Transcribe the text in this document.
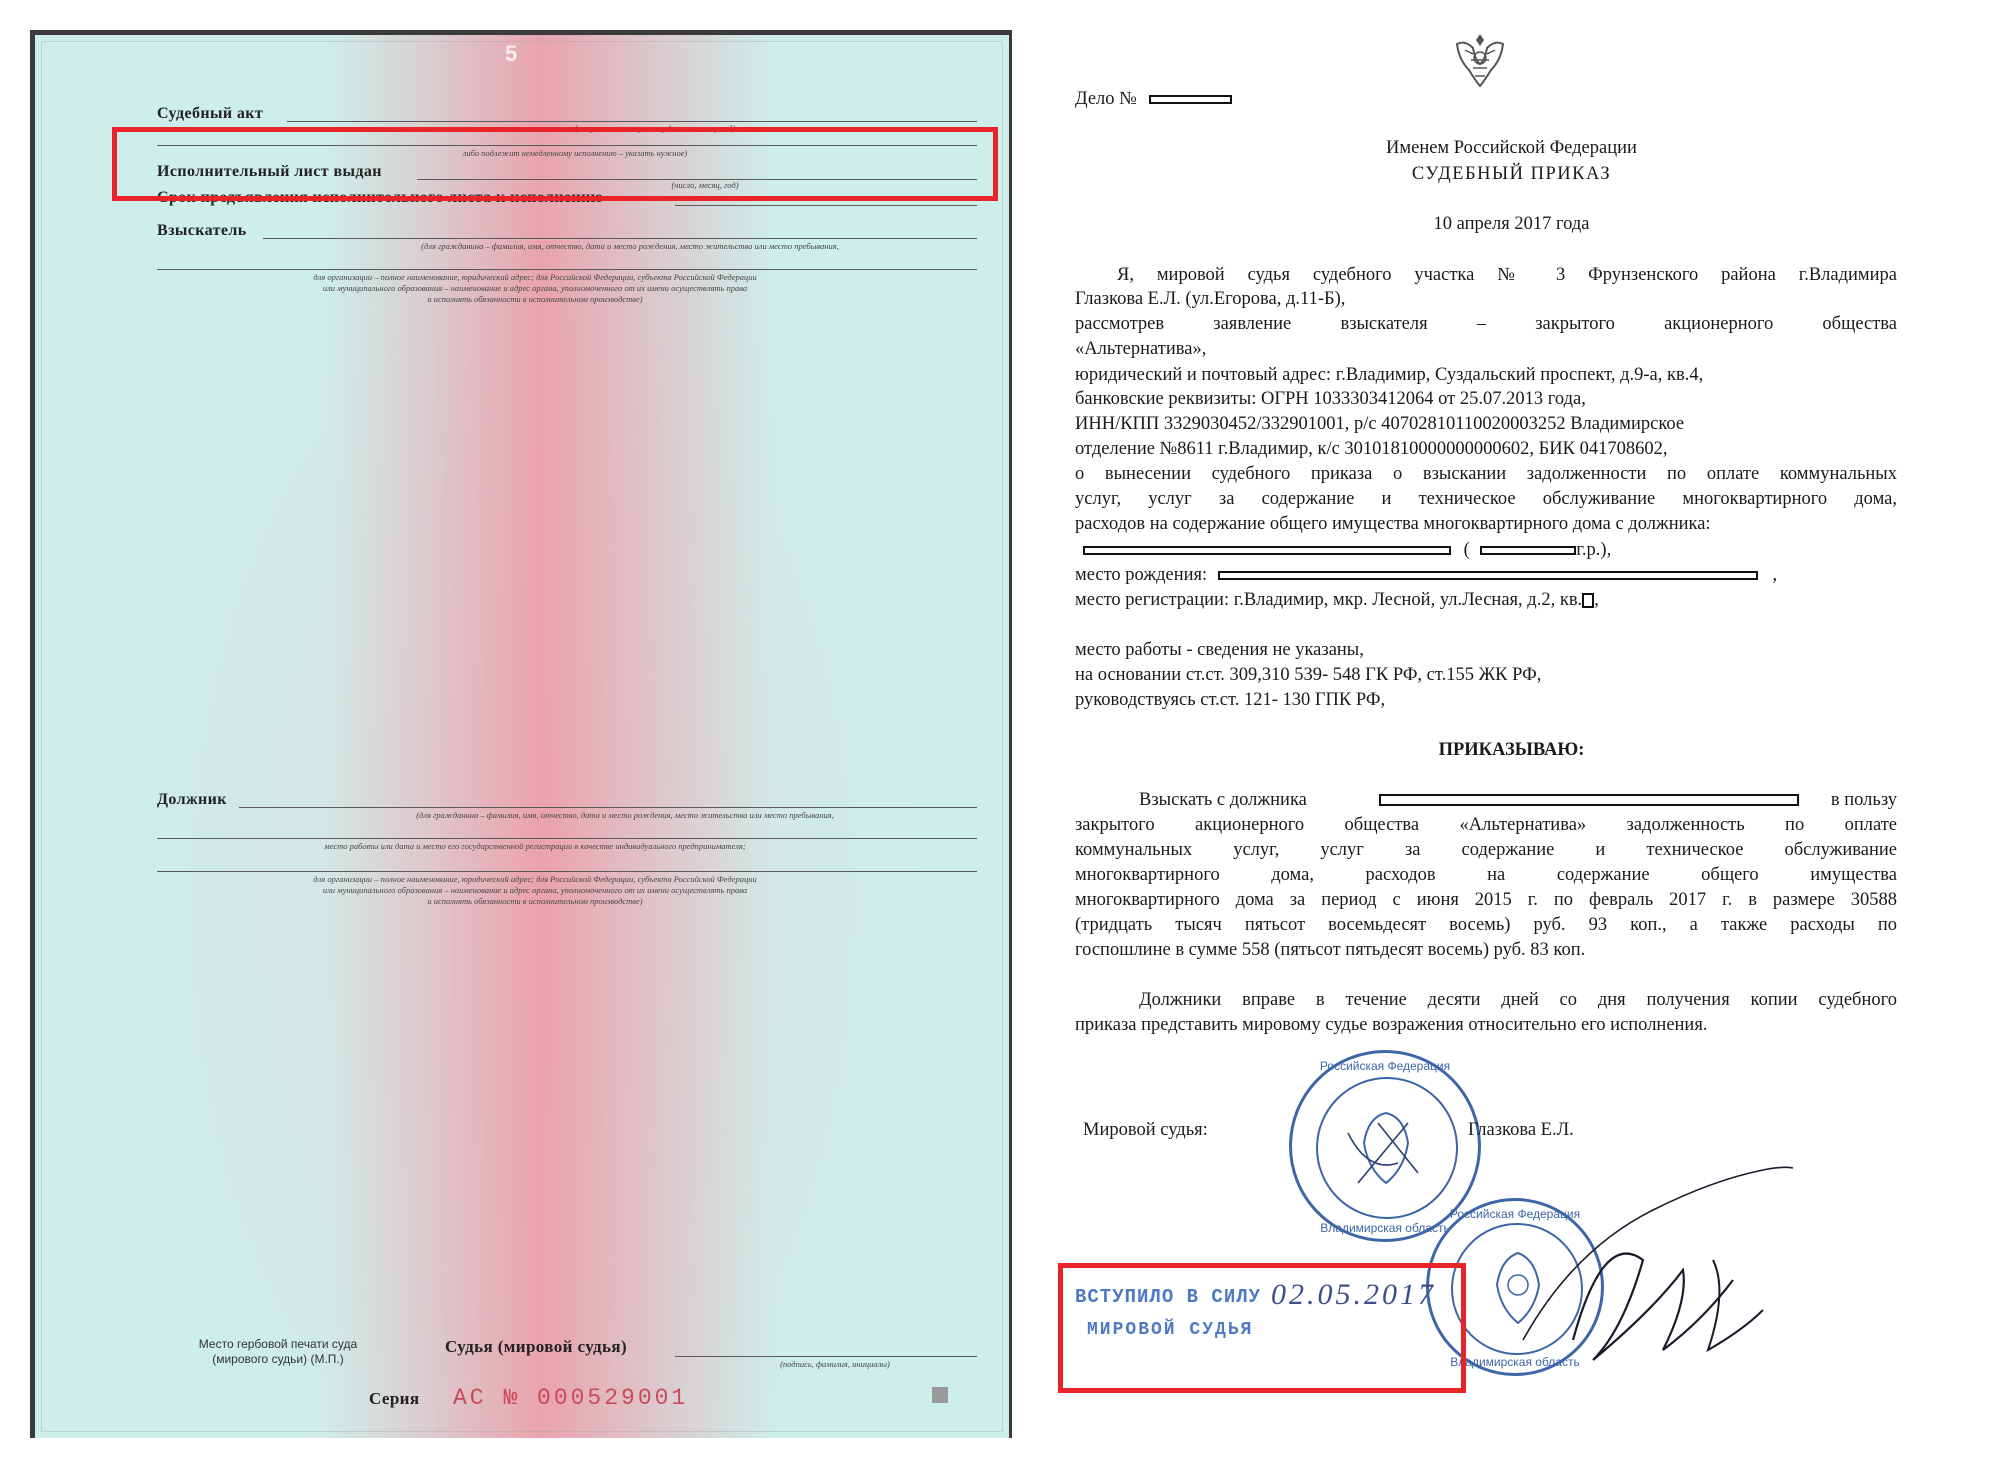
5
Судебный акт
(вступил в законную силу (число, месяц, год)
либо подлежит немедленному исполнению – указать нужное)
Исполнительный лист выдан
(число, месяц, год)
Срок предъявления исполнительного листа к исполнению
Взыскатель
(для гражданина – фамилия, имя, отчество, дата и место рождения, место жительства или место пребывания,
для организации – полное наименование, юридический адрес; для Российской Федерации, субъекта Российской Федерации
или муниципального образования – наименование и адрес органа, уполномоченного от их имени осуществлять права
и исполнять обязанности в исполнительном производстве)
Должник
(для гражданина – фамилия, имя, отчество, дата и место рождения, место жительства или место пребывания,
место работы или дата и место его государственной регистрации в качестве индивидуального предпринимателя;
для организации – полное наименование, юридический адрес; для Российской Федерации, субъекта Российской Федерации
или муниципального образования – наименование и адрес органа, уполномоченного от их имени осуществлять права
и исполнять обязанности в исполнительном производстве)
Место гербовой печати суда
(мирового судьи) (М.П.)
Судья (мировой судья)
(подпись, фамилия, инициалы)
Серия АС № 000529001
Дело №
Именем Российской Федерации
СУДЕБНЫЙ ПРИКАЗ
10 апреля 2017 года
Я, мировой судья судебного участка № 3 Фрунзенского района г.Владимира
Глазкова Е.Л. (ул.Егорова, д.11-Б),
рассмотрев заявление взыскателя – закрытого акционерного общества
«Альтернатива»,
юридический и почтовый адрес: г.Владимир, Суздальский проспект, д.9-а, кв.4,
банковские реквизиты: ОГРН 1033303412064 от 25.07.2013 года,
ИНН/КПП 3329030452/332901001, р/с 40702810110020003252 Владимирское
отделение №8611 г.Владимир, к/с 30101810000000000602, БИК 041708602,
о вынесении судебного приказа о взыскании задолженности по оплате коммунальных
услуг, услуг за содержание и техническое обслуживание многоквартирного дома,
расходов на содержание общего имущества многоквартирного дома с должника:
(	г.р.),
место рождения:	,
место регистрации: г.Владимир, мкр. Лесной, ул.Лесная, д.2, кв. ,
место работы - сведения не указаны,
на основании ст.ст. 309,310 539- 548 ГК РФ, ст.155 ЖК РФ,
руководствуясь ст.ст. 121- 130 ГПК РФ,
ПРИКАЗЫВАЮ:
Взыскать с должника	в пользу
закрытого акционерного общества «Альтернатива» задолженность по оплате
коммунальных услуг, услуг за содержание и техническое обслуживание
многоквартирного дома, расходов на содержание общего имущества
многоквартирного дома за период с июня 2015 г. по февраль 2017 г. в размере 30588
(тридцать тысяч пятьсот восемьдесят восемь) руб. 93 коп., а также расходы по
госпошлине в сумме 558 (пятьсот пятьдесят восемь) руб. 83 коп.
Должники вправе в течение десяти дней со дня получения копии судебного
приказа представить мировому судье возражения относительно его исполнения.
Российская Федерация
Владимирская область
Мировой судья:	Глазкова Е.Л.
Российская Федерация
Владимирская область
ВСТУПИЛО В СИЛУ 02.05.2017
МИРОВОЙ СУДЬЯ
